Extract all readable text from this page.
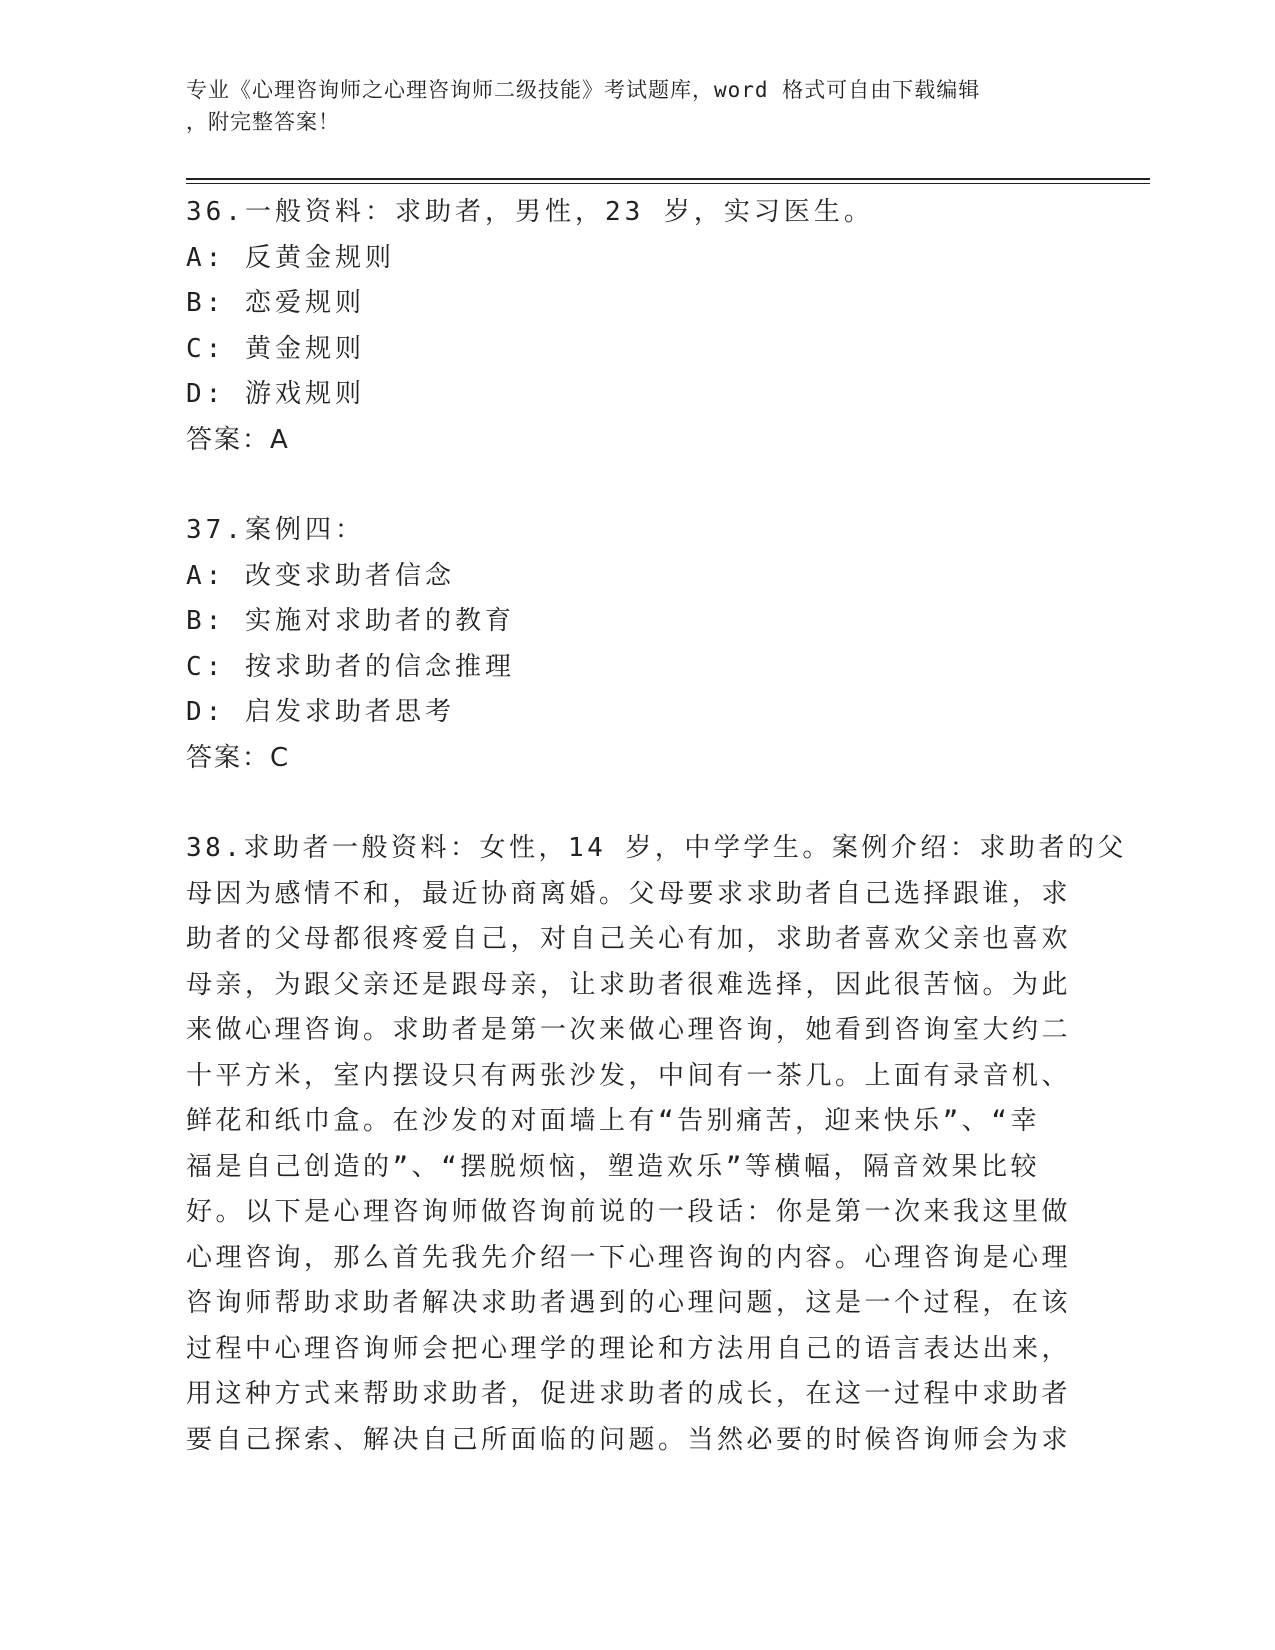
专业《心理咨询师之心理咨询师二级技能》考试题库，word 格式可自由下载编辑
，附完整答案！
36.一般资料：求助者，男性，23 岁，实习医生。
A: 反黄金规则
B: 恋爱规则
C: 黄金规则
D: 游戏规则
答案：A
37.案例四：
A: 改变求助者信念
B: 实施对求助者的教育
C: 按求助者的信念推理
D: 启发求助者思考
答案：C
38.求助者一般资料：女性，14 岁，中学学生。案例介绍：求助者的父
母因为感情不和，最近协商离婚。父母要求求助者自己选择跟谁，求
助者的父母都很疼爱自己，对自己关心有加，求助者喜欢父亲也喜欢
母亲，为跟父亲还是跟母亲，让求助者很难选择，因此很苦恼。为此
来做心理咨询。求助者是第一次来做心理咨询，她看到咨询室大约二
十平方米，室内摆设只有两张沙发，中间有一茶几。上面有录音机、
鲜花和纸巾盒。在沙发的对面墙上有“告别痛苦，迎来快乐”、“幸
福是自己创造的”、“摆脱烦恼，塑造欢乐”等横幅，隔音效果比较
好。以下是心理咨询师做咨询前说的一段话：你是第一次来我这里做
心理咨询，那么首先我先介绍一下心理咨询的内容。心理咨询是心理
咨询师帮助求助者解决求助者遇到的心理问题，这是一个过程，在该
过程中心理咨询师会把心理学的理论和方法用自己的语言表达出来，
用这种方式来帮助求助者，促进求助者的成长，在这一过程中求助者
要自己探索、解决自己所面临的问题。当然必要的时候咨询师会为求
